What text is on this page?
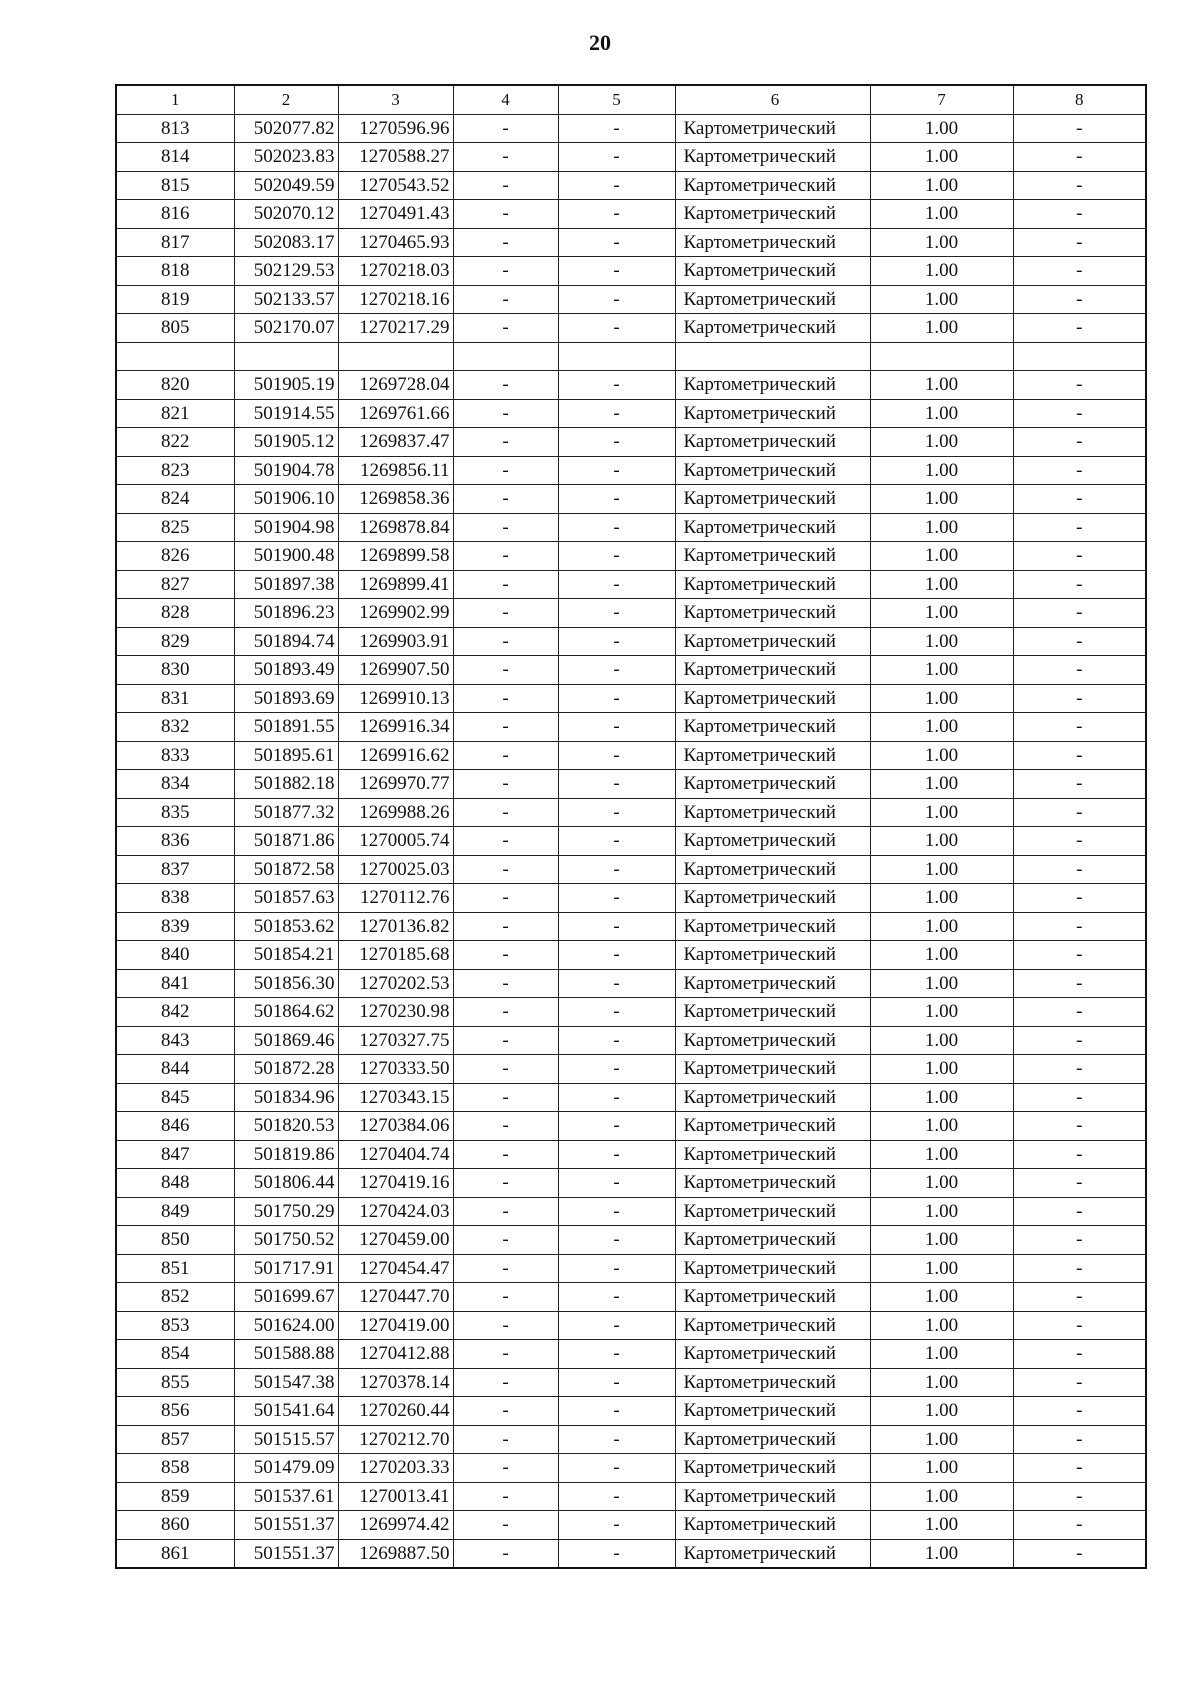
20
1	2	3	4	5	6	7	8
813	502077.82	1270596.96	-	-	Картометрический	1.00	-
814	502023.83	1270588.27	-	-	Картометрический	1.00	-
815	502049.59	1270543.52	-	-	Картометрический	1.00	-
816	502070.12	1270491.43	-	-	Картометрический	1.00	-
817	502083.17	1270465.93	-	-	Картометрический	1.00	-
818	502129.53	1270218.03	-	-	Картометрический	1.00	-
819	502133.57	1270218.16	-	-	Картометрический	1.00	-
805	502170.07	1270217.29	-	-	Картометрический	1.00	-

820	501905.19	1269728.04	-	-	Картометрический	1.00	-
821	501914.55	1269761.66	-	-	Картометрический	1.00	-
822	501905.12	1269837.47	-	-	Картометрический	1.00	-
823	501904.78	1269856.11	-	-	Картометрический	1.00	-
824	501906.10	1269858.36	-	-	Картометрический	1.00	-
825	501904.98	1269878.84	-	-	Картометрический	1.00	-
826	501900.48	1269899.58	-	-	Картометрический	1.00	-
827	501897.38	1269899.41	-	-	Картометрический	1.00	-
828	501896.23	1269902.99	-	-	Картометрический	1.00	-
829	501894.74	1269903.91	-	-	Картометрический	1.00	-
830	501893.49	1269907.50	-	-	Картометрический	1.00	-
831	501893.69	1269910.13	-	-	Картометрический	1.00	-
832	501891.55	1269916.34	-	-	Картометрический	1.00	-
833	501895.61	1269916.62	-	-	Картометрический	1.00	-
834	501882.18	1269970.77	-	-	Картометрический	1.00	-
835	501877.32	1269988.26	-	-	Картометрический	1.00	-
836	501871.86	1270005.74	-	-	Картометрический	1.00	-
837	501872.58	1270025.03	-	-	Картометрический	1.00	-
838	501857.63	1270112.76	-	-	Картометрический	1.00	-
839	501853.62	1270136.82	-	-	Картометрический	1.00	-
840	501854.21	1270185.68	-	-	Картометрический	1.00	-
841	501856.30	1270202.53	-	-	Картометрический	1.00	-
842	501864.62	1270230.98	-	-	Картометрический	1.00	-
843	501869.46	1270327.75	-	-	Картометрический	1.00	-
844	501872.28	1270333.50	-	-	Картометрический	1.00	-
845	501834.96	1270343.15	-	-	Картометрический	1.00	-
846	501820.53	1270384.06	-	-	Картометрический	1.00	-
847	501819.86	1270404.74	-	-	Картометрический	1.00	-
848	501806.44	1270419.16	-	-	Картометрический	1.00	-
849	501750.29	1270424.03	-	-	Картометрический	1.00	-
850	501750.52	1270459.00	-	-	Картометрический	1.00	-
851	501717.91	1270454.47	-	-	Картометрический	1.00	-
852	501699.67	1270447.70	-	-	Картометрический	1.00	-
853	501624.00	1270419.00	-	-	Картометрический	1.00	-
854	501588.88	1270412.88	-	-	Картометрический	1.00	-
855	501547.38	1270378.14	-	-	Картометрический	1.00	-
856	501541.64	1270260.44	-	-	Картометрический	1.00	-
857	501515.57	1270212.70	-	-	Картометрический	1.00	-
858	501479.09	1270203.33	-	-	Картометрический	1.00	-
859	501537.61	1270013.41	-	-	Картометрический	1.00	-
860	501551.37	1269974.42	-	-	Картометрический	1.00	-
861	501551.37	1269887.50	-	-	Картометрический	1.00	-
